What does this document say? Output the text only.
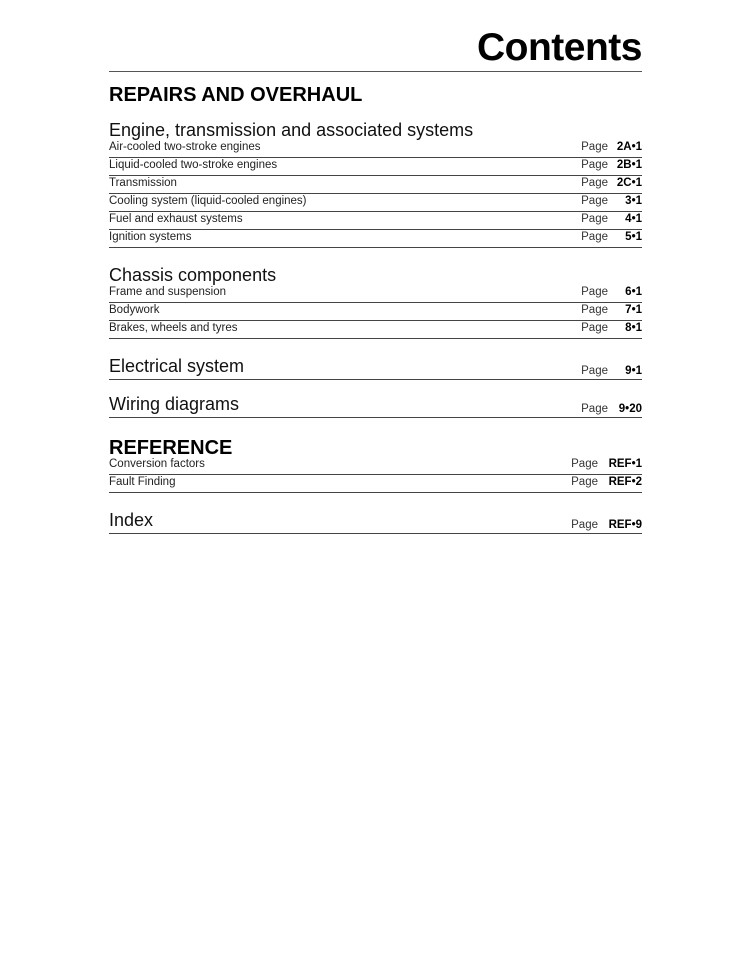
Contents
REPAIRS AND OVERHAUL
Engine, transmission and associated systems
Air-cooled two-stroke engines	Page 2A•1
Liquid-cooled two-stroke engines	Page 2B•1
Transmission	Page 2C•1
Cooling system (liquid-cooled engines)	Page 3•1
Fuel and exhaust systems	Page 4•1
Ignition systems	Page 5•1
Chassis components
Frame and suspension	Page 6•1
Bodywork	Page 7•1
Brakes, wheels and tyres	Page 8•1
Electrical system	Page 9•1
Wiring diagrams	Page 9•20
REFERENCE
Conversion factors	Page REF•1
Fault Finding	Page REF•2
Index	Page REF•9
